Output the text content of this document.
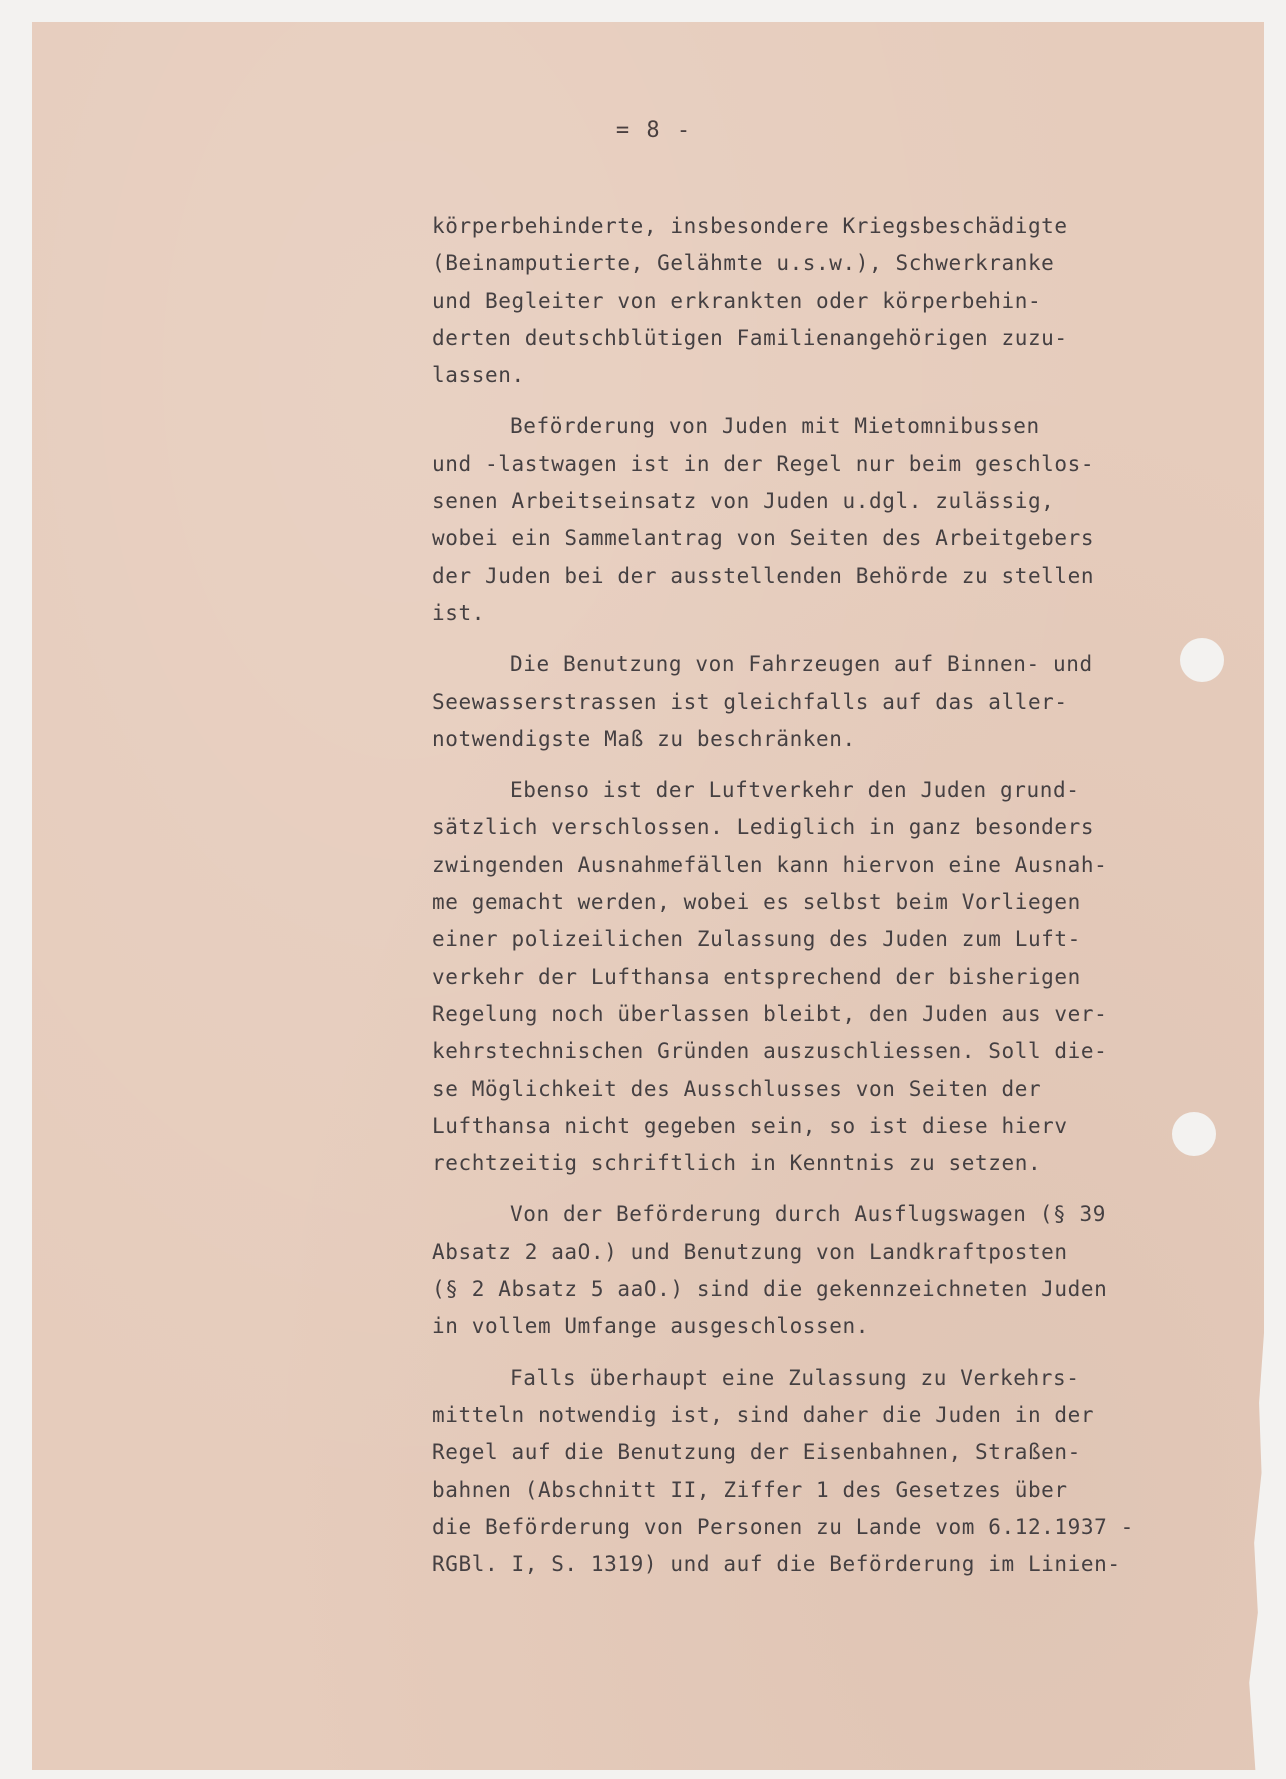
= 8 -
körperbehinderte, insbesondere Kriegsbeschädigte
(Beinamputierte, Gelähmte u.s.w.), Schwerkranke
und Begleiter von erkrankten oder körperbehin-
derten deutschblütigen Familienangehörigen zuzu-
lassen.
Beförderung von Juden mit Mietomnibussen
und -lastwagen ist in der Regel nur beim geschlos-
senen Arbeitseinsatz von Juden u.dgl. zulässig,
wobei ein Sammelantrag von Seiten des Arbeitgebers
der Juden bei der ausstellenden Behörde zu stellen
ist.
Die Benutzung von Fahrzeugen auf Binnen- und
Seewasserstrassen ist gleichfalls auf das aller-
notwendigste Maß zu beschränken.
Ebenso ist der Luftverkehr den Juden grund-
sätzlich verschlossen. Lediglich in ganz besonders
zwingenden Ausnahmefällen kann hiervon eine Ausnah-
me gemacht werden, wobei es selbst beim Vorliegen
einer polizeilichen Zulassung des Juden zum Luft-
verkehr der Lufthansa entsprechend der bisherigen
Regelung noch überlassen bleibt, den Juden aus ver-
kehrstechnischen Gründen auszuschliessen. Soll die-
se Möglichkeit des Ausschlusses von Seiten der
Lufthansa nicht gegeben sein, so ist diese hierv
rechtzeitig schriftlich in Kenntnis zu setzen.
Von der Beförderung durch Ausflugswagen (§ 39
Absatz 2 aaO.) und Benutzung von Landkraftposten
(§ 2 Absatz 5 aaO.) sind die gekennzeichneten Juden
in vollem Umfange ausgeschlossen.
Falls überhaupt eine Zulassung zu Verkehrs-
mitteln notwendig ist, sind daher die Juden in der
Regel auf die Benutzung der Eisenbahnen, Straßen-
bahnen (Abschnitt II, Ziffer 1 des Gesetzes über
die Beförderung von Personen zu Lande vom 6.12.1937 -
RGBl. I, S. 1319) und auf die Beförderung im Linien-
